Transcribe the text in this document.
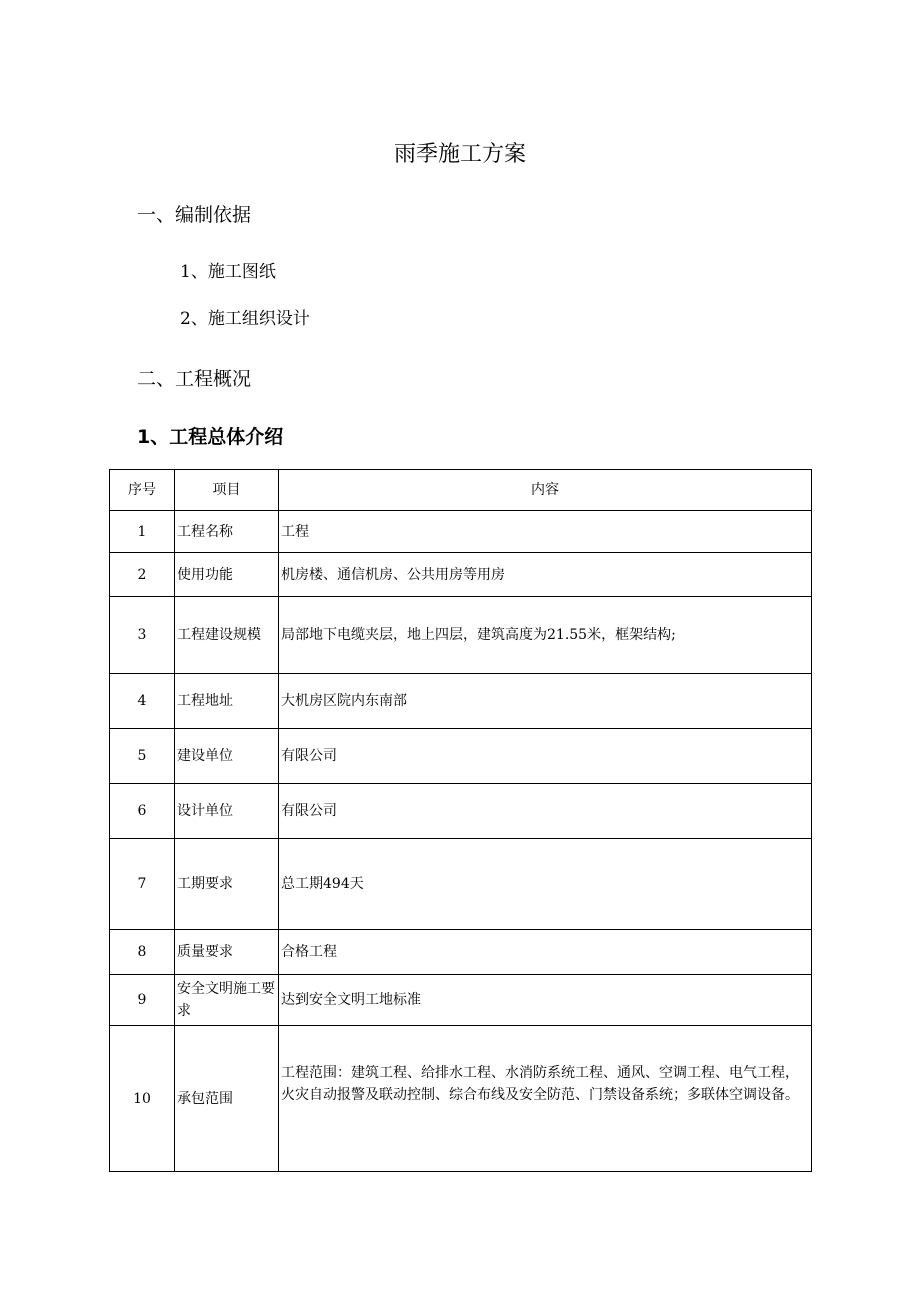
雨季施工方案
一、编制依据
1、施工图纸
2、施工组织设计
二、工程概况
1、工程总体介绍
序号	项目	内容
1	工程名称	工程
2	使用功能	机房楼、通信机房、公共用房等用房
3	工程建设规模	局部地下电缆夹层，地上四层，建筑高度为21.55米，框架结构;
4	工程地址	大机房区院内东南部
5	建设单位	有限公司
6	设计单位	有限公司
7	工期要求	总工期494天
8	质量要求	合格工程
9	安全文明施工要求	达到安全文明工地标准
10	承包范围	工程范围：建筑工程、给排水工程、水消防系统工程、通风、空调工程、电气工程，火灾自动报警及联动控制、综合布线及安全防范、门禁设备系统；多联体空调设备。
